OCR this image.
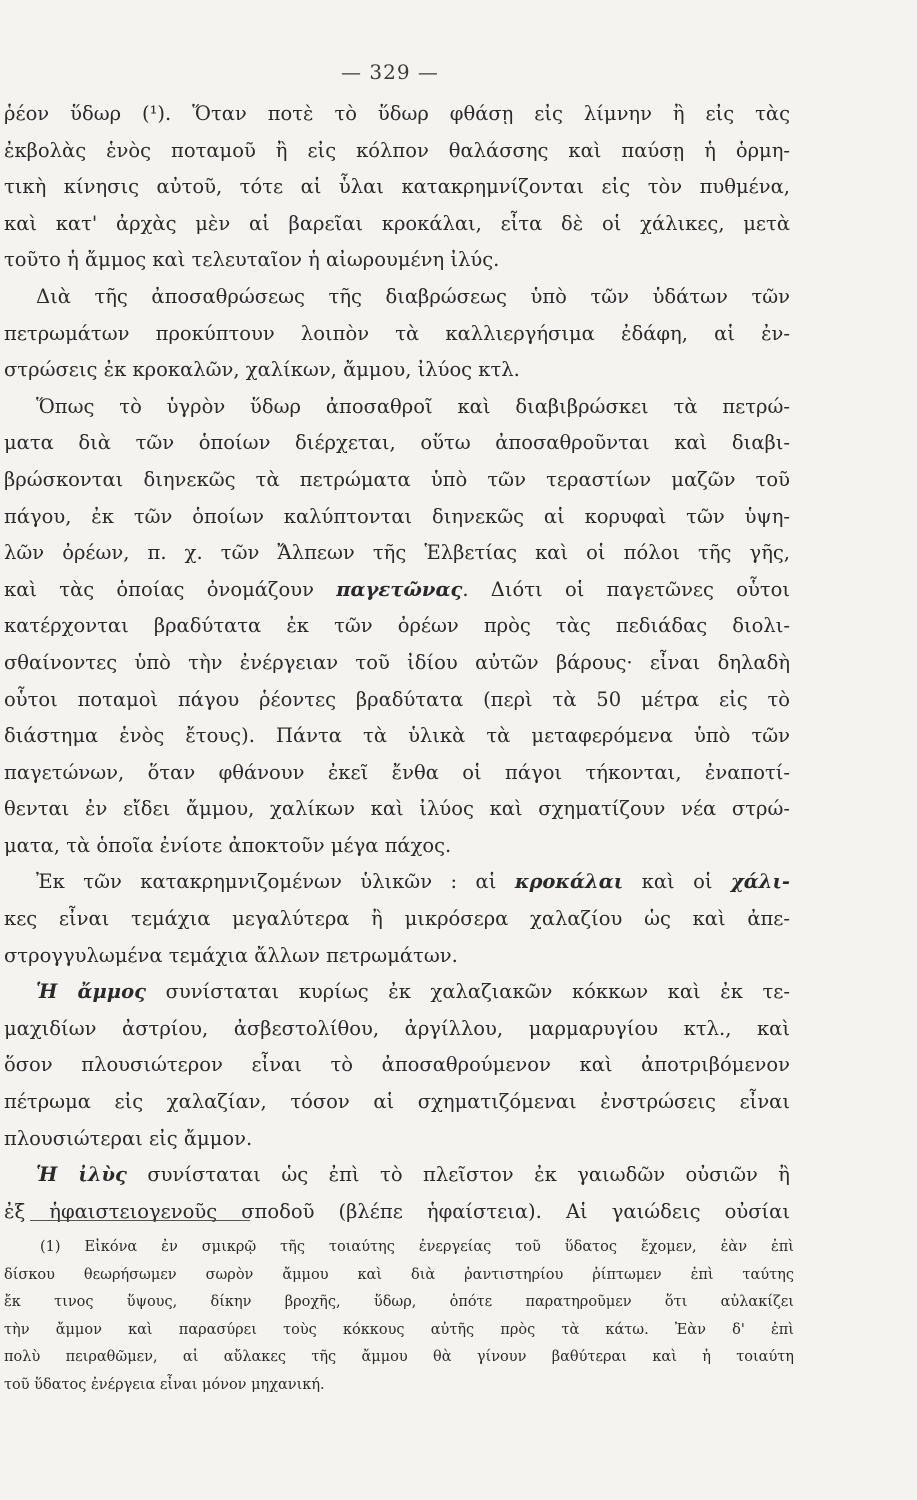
— 329 —
ῥέον ὕδωρ (¹). Ὅταν ποτὲ τὸ ὕδωρ φθάσῃ εἰς λίμνην ἢ εἰς τὰς
ἐκβολὰς ἑνὸς ποταμοῦ ἢ εἰς κόλπον θαλάσσης καὶ παύσῃ ἡ ὁρμη-
τικὴ κίνησις αὐτοῦ, τότε αἱ ὗλαι κατακρημνίζονται εἰς τὸν πυθμένα,
καὶ κατ' ἀρχὰς μὲν αἱ βαρεῖαι κροκάλαι, εἶτα δὲ οἱ χάλικες, μετὰ
τοῦτο ἡ ἄμμος καὶ τελευταῖον ἡ αἰωρουμένη ἰλύς.
Διὰ τῆς ἀποσαθρώσεως τῆς διαβρώσεως ὑπὸ τῶν ὑδάτων τῶν
πετρωμάτων προκύπτουν λοιπὸν τὰ καλλιεργήσιμα ἐδάφη, αἱ ἐν-
στρώσεις ἐκ κροκαλῶν, χαλίκων, ἄμμου, ἰλύος κτλ.
Ὅπως τὸ ὑγρὸν ὕδωρ ἀποσαθροῖ καὶ διαβιβρώσκει τὰ πετρώ-
ματα διὰ τῶν ὁποίων διέρχεται, οὕτω ἀποσαθροῦνται καὶ διαβι-
βρώσκονται διηνεκῶς τὰ πετρώματα ὑπὸ τῶν τεραστίων μαζῶν τοῦ
πάγου, ἐκ τῶν ὁποίων καλύπτονται διηνεκῶς αἱ κορυφαὶ τῶν ὑψη-
λῶν ὀρέων, π. χ. τῶν Ἄλπεων τῆς Ἑλβετίας καὶ οἱ πόλοι τῆς γῆς,
καὶ τὰς ὁποίας ὀνομάζουν παγετῶνας. Διότι οἱ παγετῶνες οὗτοι
κατέρχονται βραδύτατα ἐκ τῶν ὀρέων πρὸς τὰς πεδιάδας διολι-
σθαίνοντες ὑπὸ τὴν ἐνέργειαν τοῦ ἰδίου αὐτῶν βάρους· εἶναι δηλαδὴ
οὗτοι ποταμοὶ πάγου ῥέοντες βραδύτατα (περὶ τὰ 50 μέτρα εἰς τὸ
διάστημα ἑνὸς ἔτους). Πάντα τὰ ὑλικὰ τὰ μεταφερόμενα ὑπὸ τῶν
παγετώνων, ὅταν φθάνουν ἐκεῖ ἔνθα οἱ πάγοι τήκονται, ἐναποτί-
θενται ἐν εἴδει ἄμμου, χαλίκων καὶ ἰλύος καὶ σχηματίζουν νέα στρώ-
ματα, τὰ ὁποῖα ἐνίοτε ἀποκτοῦν μέγα πάχος.
Ἐκ τῶν κατακρημνιζομένων ὑλικῶν : αἱ κροκάλαι καὶ οἱ χάλι-
κες εἶναι τεμάχια μεγαλύτερα ἢ μικρόσερα χαλαζίου ὡς καὶ ἀπε-
στρογγυλωμένα τεμάχια ἄλλων πετρωμάτων.
Ἡ ἄμμος συνίσταται κυρίως ἐκ χαλαζιακῶν κόκκων καὶ ἐκ τε-
μαχιδίων ἀστρίου, ἀσβεστολίθου, ἀργίλλου, μαρμαρυγίου κτλ., καὶ
ὅσον πλουσιώτερον εἶναι τὸ ἀποσαθρούμενον καὶ ἀποτριβόμενον
πέτρωμα εἰς χαλαζίαν, τόσον αἱ σχηματιζόμεναι ἐνστρώσεις εἶναι
πλουσιώτεραι εἰς ἄμμον.
Ἡ ἰλὺς συνίσταται ὡς ἐπὶ τὸ πλεῖστον ἐκ γαιωδῶν οὐσιῶν ἢ
ἐξ ἡφαιστειογενοῦς σποδοῦ (βλέπε ἡφαίστεια). Αἱ γαιώδεις οὐσίαι
(1) Εἰκόνα ἐν σμικρῷ τῆς τοιαύτης ἐνεργείας τοῦ ὕδατος ἔχομεν, ἐὰν ἐπὶ
δίσκου θεωρήσωμεν σωρὸν ἄμμου καὶ διὰ ῥαντιστηρίου ῥίπτωμεν ἐπὶ ταύτης
ἔκ τινος ὕψους, δίκην βροχῆς, ὕδωρ, ὁπότε παρατηροῦμεν ὅτι αὐλακίζει
τὴν ἄμμον καὶ παρασύρει τοὺς κόκκους αὐτῆς πρὸς τὰ κάτω. Ἐὰν δ' ἐπὶ
πολὺ πειραθῶμεν, αἱ αὔλακες τῆς ἄμμου θὰ γίνουν βαθύτεραι καὶ ἡ τοιαύτη
τοῦ ὕδατος ἐνέργεια εἶναι μόνον μηχανική.
